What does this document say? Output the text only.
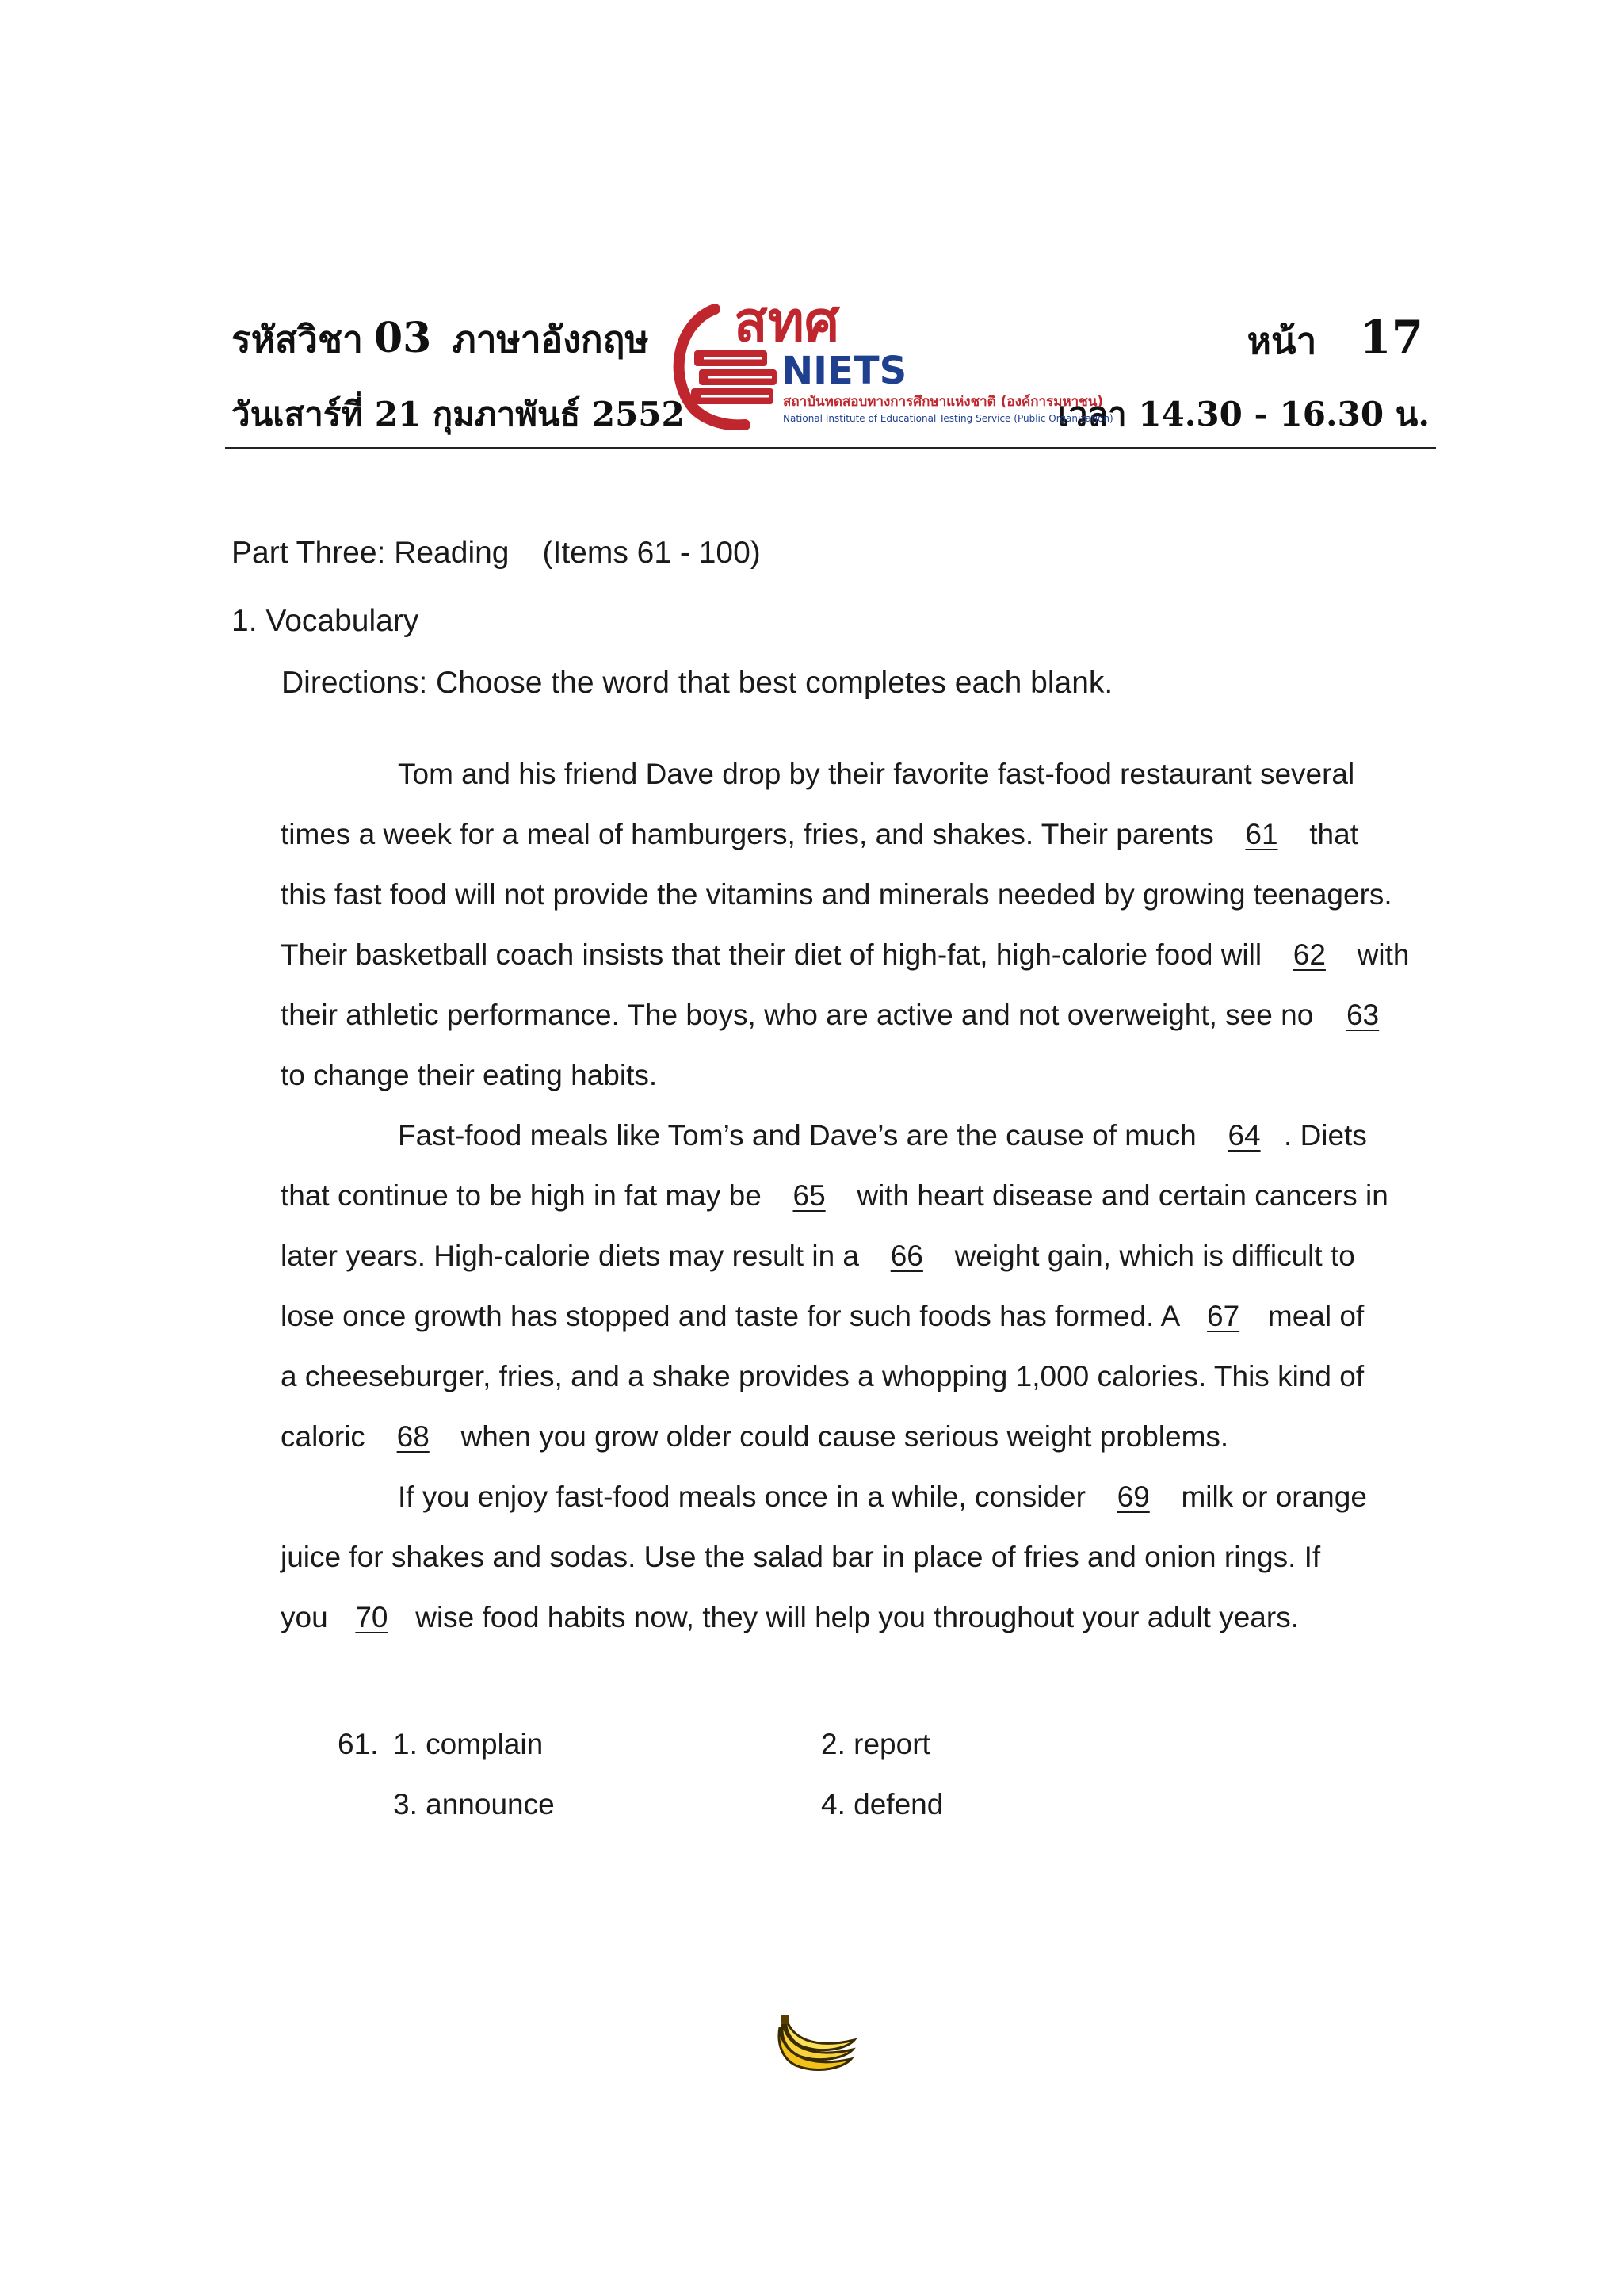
รหัสวิชา 03 ภาษาอังกฤษ
วันเสาร์ที่ 21 กุมภาพันธ์ 2552
หน้า 17
เวลา 14.30 - 16.30 น.
สทศ
NIETS
สถาบันทดสอบทางการศึกษาแห่งชาติ (องค์การมหาชน)
National Institute of Educational Testing Service (Public Organization)
Part Three: Reading (Items 61 - 100)
1. Vocabulary
Directions: Choose the word that best completes each blank.
Tom and his friend Dave drop by their favorite fast-food restaurant several
times a week for a meal of hamburgers, fries, and shakes. Their parents 61 that
this fast food will not provide the vitamins and minerals needed by growing teenagers.
Their basketball coach insists that their diet of high-fat, high-calorie food will 62 with
their athletic performance. The boys, who are active and not overweight, see no 63
to change their eating habits.
Fast-food meals like Tom’s and Dave’s are the cause of much 64 . Diets
that continue to be high in fat may be 65 with heart disease and certain cancers in
later years. High-calorie diets may result in a 66 weight gain, which is difficult to
lose once growth has stopped and taste for such foods has formed. A 67 meal of
a cheeseburger, fries, and a shake provides a whopping 1,000 calories. This kind of
caloric 68 when you grow older could cause serious weight problems.
If you enjoy fast-food meals once in a while, consider 69 milk or orange
juice for shakes and sodas. Use the salad bar in place of fries and onion rings. If
you 70 wise food habits now, they will help you throughout your adult years.
61. 1. complain	2. report
3. announce	4. defend
